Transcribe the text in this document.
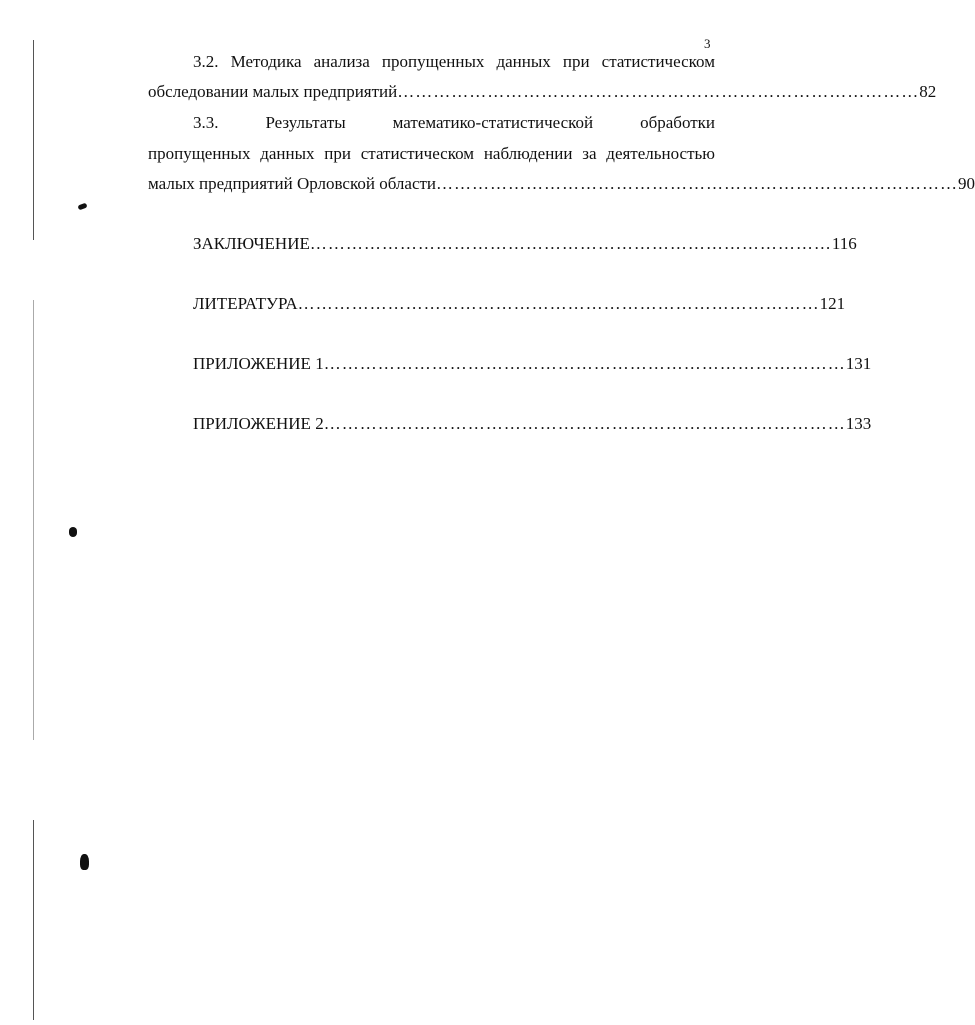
3
3.2. Методика анализа пропущенных данных при статистическом
обследовании малых предприятий …………………………………………………………………………… 82
3.3.	Результаты	математико-статистической	обработки
пропущенных данных при статистическом наблюдении за деятельностью
малых предприятий Орловской области …………………………………………………………………………… 90
ЗАКЛЮЧЕНИЕ …………………………………………………………………………… 116
ЛИТЕРАТУРА …………………………………………………………………………… 121
ПРИЛОЖЕНИЕ 1 …………………………………………………………………………… 131
ПРИЛОЖЕНИЕ 2 …………………………………………………………………………… 133
